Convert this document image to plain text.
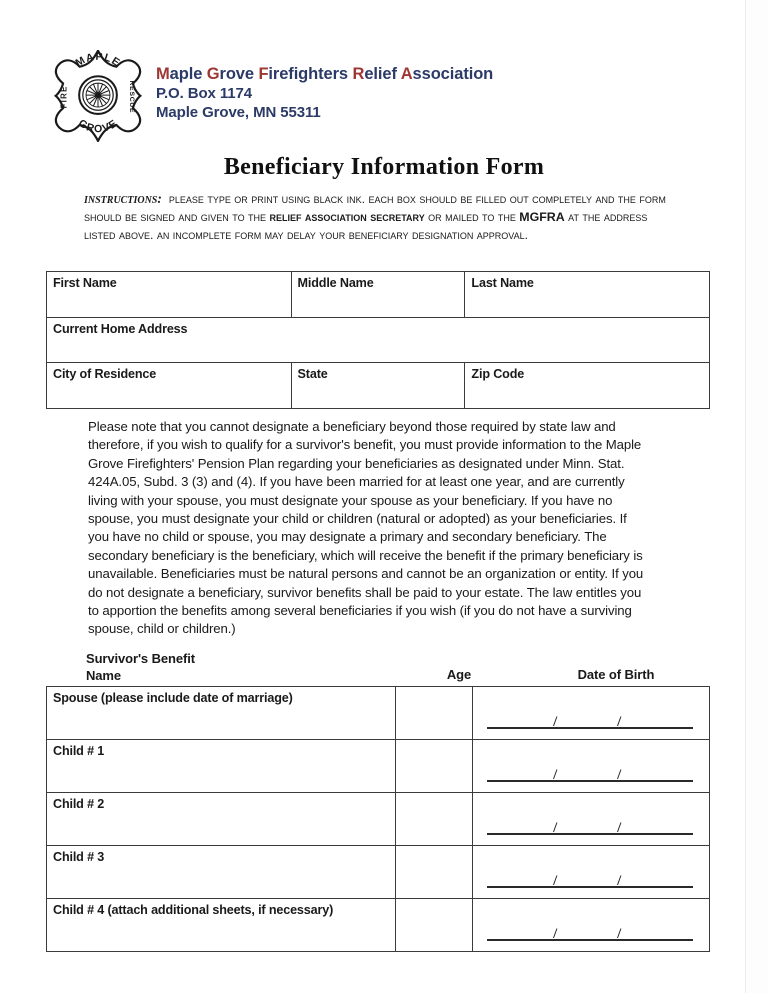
MAPLE
GROVE
FIRE
RESCUE
Maple Grove Firefighters Relief Association
P.O. Box 1174
Maple Grove, MN 55311
Beneficiary Information Form
instructions: please type or print using black ink. each box should be filled out completely and the form should be signed and given to the relief association secretary or mailed to the MGFRA at the address listed above. an incomplete form may delay your beneficiary designation approval.
First Name	Middle Name	Last Name

Current Home Address		

City of Residence	State	Zip Code
Please note that you cannot designate a beneficiary beyond those required by state law and therefore, if you wish to qualify for a survivor's benefit, you must provide information to the Maple Grove Firefighters' Pension Plan regarding your beneficiaries as designated under Minn. Stat. 424A.05, Subd. 3 (3) and (4). If you have been married for at least one year, and are currently living with your spouse, you must designate your spouse as your beneficiary. If you have no spouse, you must designate your child or children (natural or adopted) as your beneficiaries. If you have no child or spouse, you may designate a primary and secondary beneficiary. The secondary beneficiary is the beneficiary, which will receive the benefit if the primary beneficiary is unavailable. Beneficiaries must be natural persons and cannot be an organization or entity. If you do not designate a beneficiary, survivor benefits shall be paid to your estate. The law entitles you to apportion the benefits among several beneficiaries if you wish (if you do not have a surviving spouse, child or children.)
Survivor's Benefit
Name	Age	Date of Birth
Spouse (please include date of marriage)		/ /

Child # 1		/ /

Child # 2		/ /

Child # 3		/ /

Child # 4 (attach additional sheets, if necessary)		/ /
